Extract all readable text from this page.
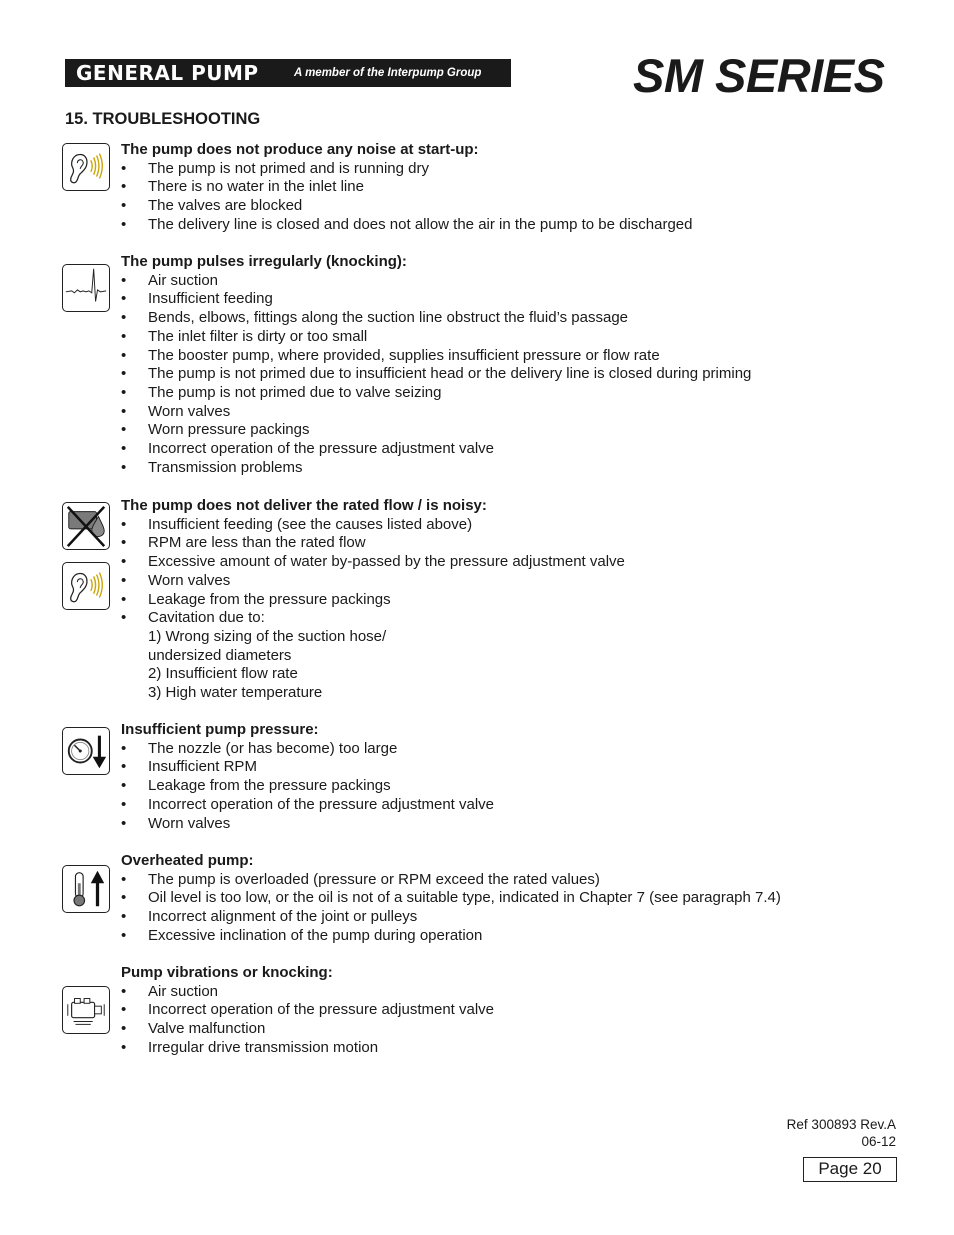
GENERAL PUMP	A member of the Interpump Group	SM SERIES
15. TROUBLESHOOTING
The pump does not produce any noise at start-up:
• The pump is not primed and is running dry
• There is no water in the inlet line
• The valves are blocked
• The delivery line is closed and does not allow the air in the pump to be discharged
The pump pulses irregularly (knocking):
• Air suction
• Insufficient feeding
• Bends, elbows, fittings along the suction line obstruct the fluid’s passage
• The inlet filter is dirty or too small
• The booster pump, where provided, supplies insufficient pressure or flow rate
• The pump is not primed due to insufficient head or the delivery line is closed during priming
• The pump is not primed due to valve seizing
• Worn valves
• Worn pressure packings
• Incorrect operation of the pressure adjustment valve
• Transmission problems
The pump does not deliver the rated flow / is noisy:
• Insufficient feeding (see the causes listed above)
• RPM are less than the rated flow
• Excessive amount of water by-passed by the pressure adjustment valve
• Worn valves
• Leakage from the pressure packings
• Cavitation due to:
1) Wrong sizing of the suction hose/
undersized diameters
2) Insufficient flow rate
3) High water temperature
Insufficient pump pressure:
• The nozzle (or has become) too large
• Insufficient RPM
• Leakage from the pressure packings
• Incorrect operation of the pressure adjustment valve
• Worn valves
Overheated pump:
• The pump is overloaded (pressure or RPM exceed the rated values)
• Oil level is too low, or the oil is not of a suitable type, indicated in Chapter 7 (see paragraph 7.4)
• Incorrect alignment of the joint or pulleys
• Excessive inclination of the pump during operation
Pump vibrations or knocking:
• Air suction
• Incorrect operation of the pressure adjustment valve
• Valve malfunction
• Irregular drive transmission motion
Ref 300893 Rev.A
06-12
Page 20
